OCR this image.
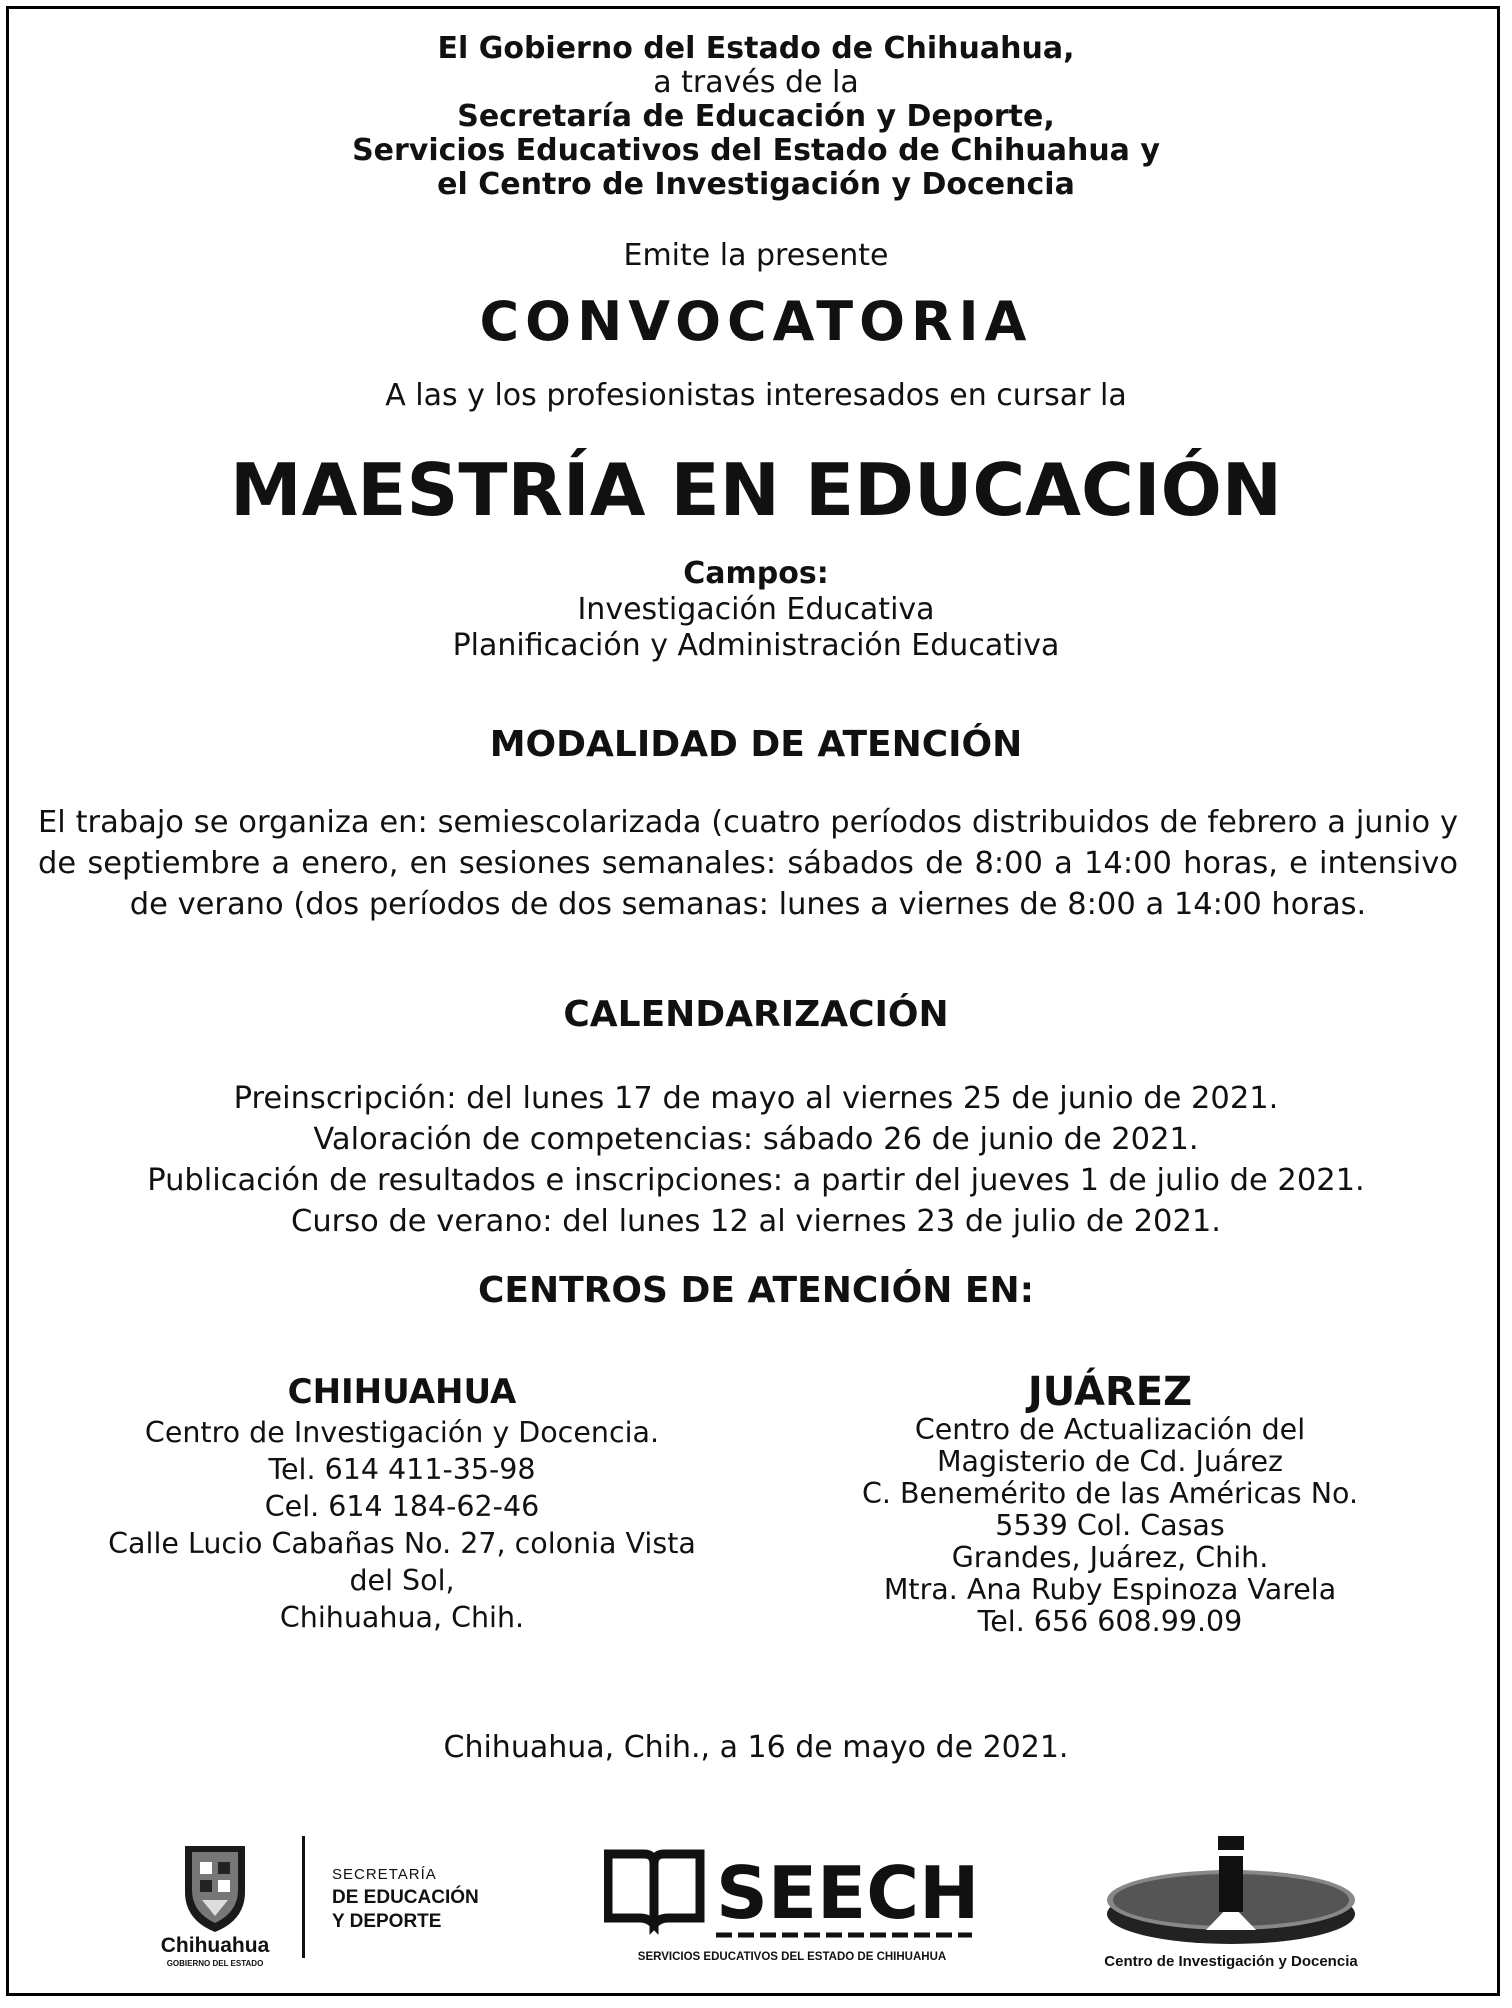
El Gobierno del Estado de Chihuahua,
a través de la
Secretaría de Educación y Deporte,
Servicios Educativos del Estado de Chihuahua y
el Centro de Investigación y Docencia
Emite la presente
CONVOCATORIA
A las y los profesionistas interesados en cursar la
MAESTRÍA EN EDUCACIÓN
Campos:
Investigación Educativa
Planificación y Administración Educativa
MODALIDAD DE ATENCIÓN
El trabajo se organiza en: semiescolarizada (cuatro períodos distribuidos de febrero a junio y de septiembre a enero, en sesiones semanales: sábados de 8:00 a 14:00 horas, e intensivo de verano (dos períodos de dos semanas: lunes a viernes de 8:00 a 14:00 horas.
CALENDARIZACIÓN
Preinscripción: del lunes 17 de mayo al viernes 25 de junio de 2021.
Valoración de competencias: sábado 26 de junio de 2021.
Publicación de resultados e inscripciones: a partir del jueves 1 de julio de 2021.
Curso de verano: del lunes 12 al viernes 23 de julio de 2021.
CENTROS DE ATENCIÓN EN:
CHIHUAHUA
Centro de Investigación y Docencia.
Tel. 614 411-35-98
Cel. 614 184-62-46
Calle Lucio Cabañas No. 27, colonia Vista
del Sol,
Chihuahua, Chih.
JUÁREZ
Centro de Actualización del
Magisterio de Cd. Juárez
C. Benemérito de las Américas No.
5539 Col. Casas
Grandes, Juárez, Chih.
Mtra. Ana Ruby Espinoza Varela
Tel. 656 608.99.09
Chihuahua, Chih., a 16 de mayo de 2021.
Chihuahua
GOBIERNO DEL ESTADO
SECRETARÍA
DE EDUCACIÓN
Y DEPORTE	SEECH
SERVICIOS EDUCATIVOS DEL ESTADO DE CHIHUAHUA	Centro de Investigación y Docencia
